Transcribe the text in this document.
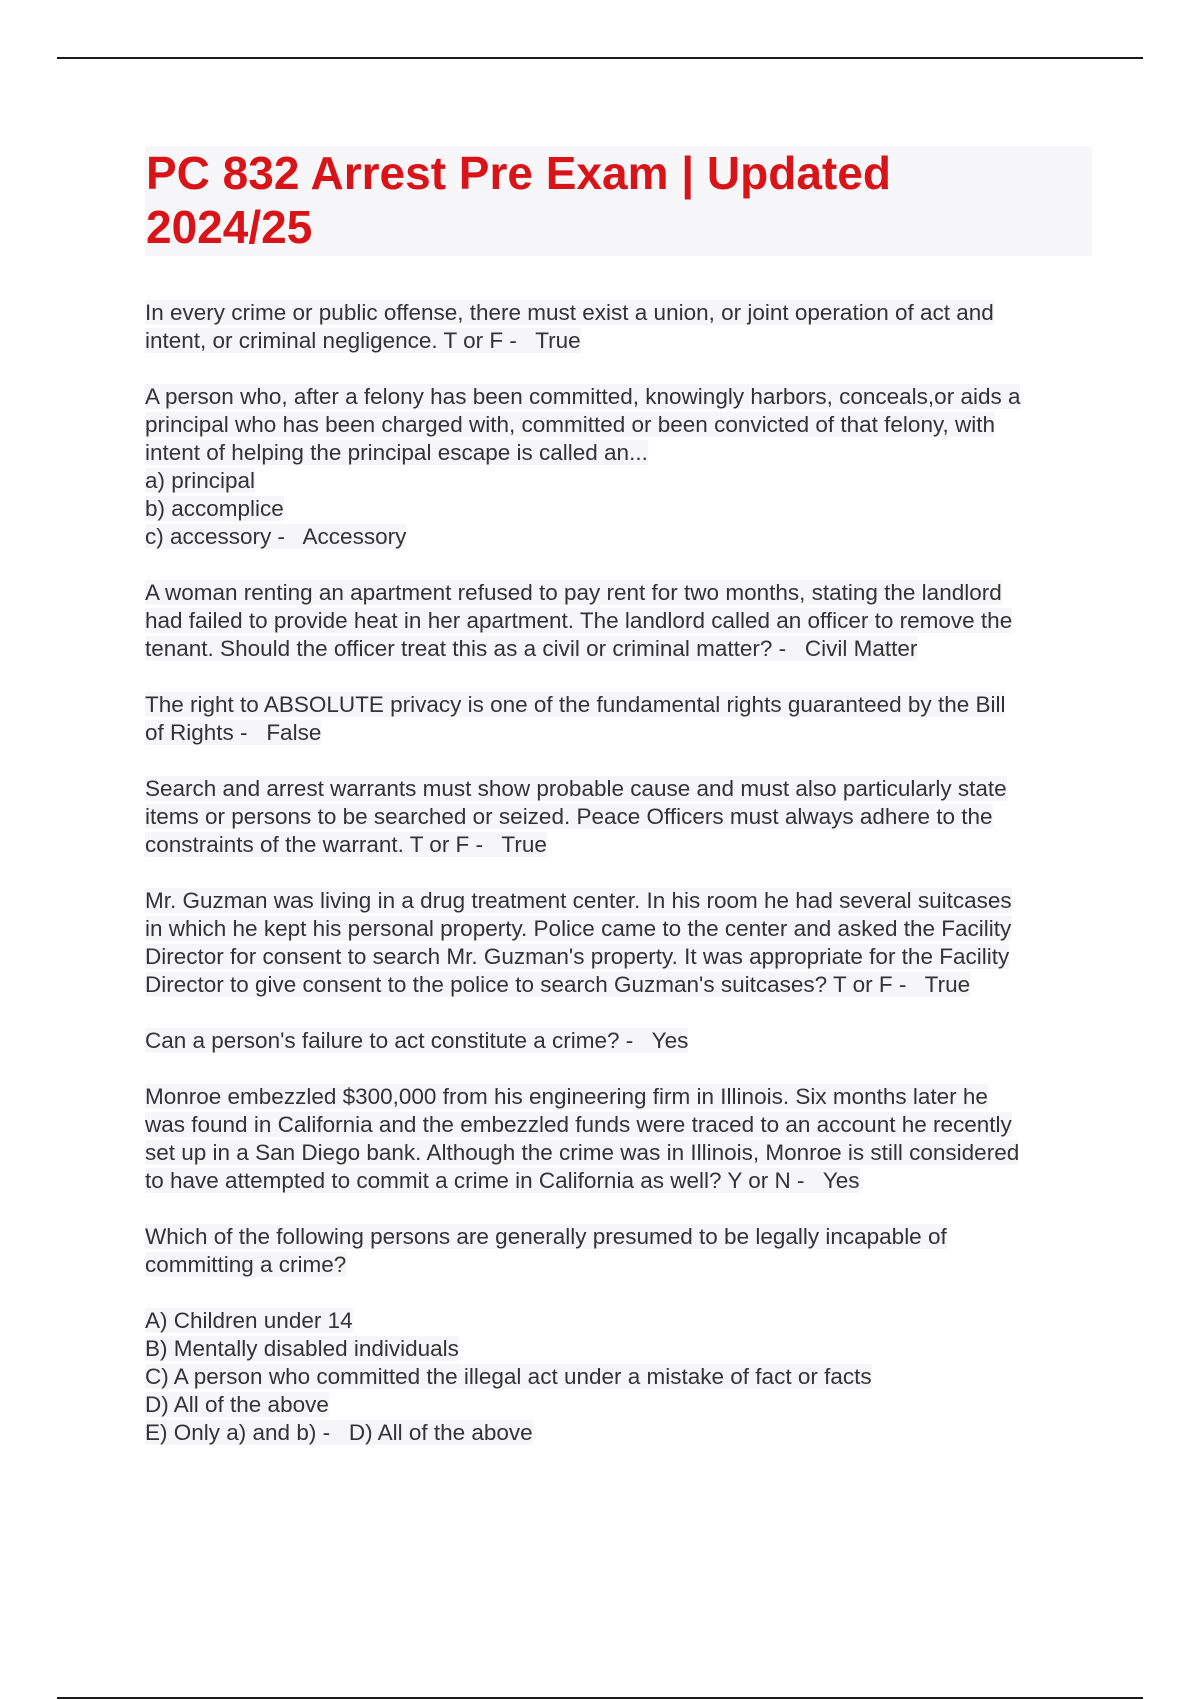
PC 832 Arrest Pre Exam | Updated
2024/25
In every crime or public offense, there must exist a union, or joint operation of act and
intent, or criminal negligence. T or F - True
A person who, after a felony has been committed, knowingly harbors, conceals,or aids a
principal who has been charged with, committed or been convicted of that felony, with
intent of helping the principal escape is called an...
a) principal
b) accomplice
c) accessory - Accessory
A woman renting an apartment refused to pay rent for two months, stating the landlord
had failed to provide heat in her apartment. The landlord called an officer to remove the
tenant. Should the officer treat this as a civil or criminal matter? - Civil Matter
The right to ABSOLUTE privacy is one of the fundamental rights guaranteed by the Bill
of Rights - False
Search and arrest warrants must show probable cause and must also particularly state
items or persons to be searched or seized. Peace Officers must always adhere to the
constraints of the warrant. T or F - True
Mr. Guzman was living in a drug treatment center. In his room he had several suitcases
in which he kept his personal property. Police came to the center and asked the Facility
Director for consent to search Mr. Guzman's property. It was appropriate for the Facility
Director to give consent to the police to search Guzman's suitcases? T or F - True
Can a person's failure to act constitute a crime? - Yes
Monroe embezzled $300,000 from his engineering firm in Illinois. Six months later he
was found in California and the embezzled funds were traced to an account he recently
set up in a San Diego bank. Although the crime was in Illinois, Monroe is still considered
to have attempted to commit a crime in California as well? Y or N - Yes
Which of the following persons are generally presumed to be legally incapable of
committing a crime?
A) Children under 14
B) Mentally disabled individuals
C) A person who committed the illegal act under a mistake of fact or facts
D) All of the above
E) Only a) and b) - D) All of the above
